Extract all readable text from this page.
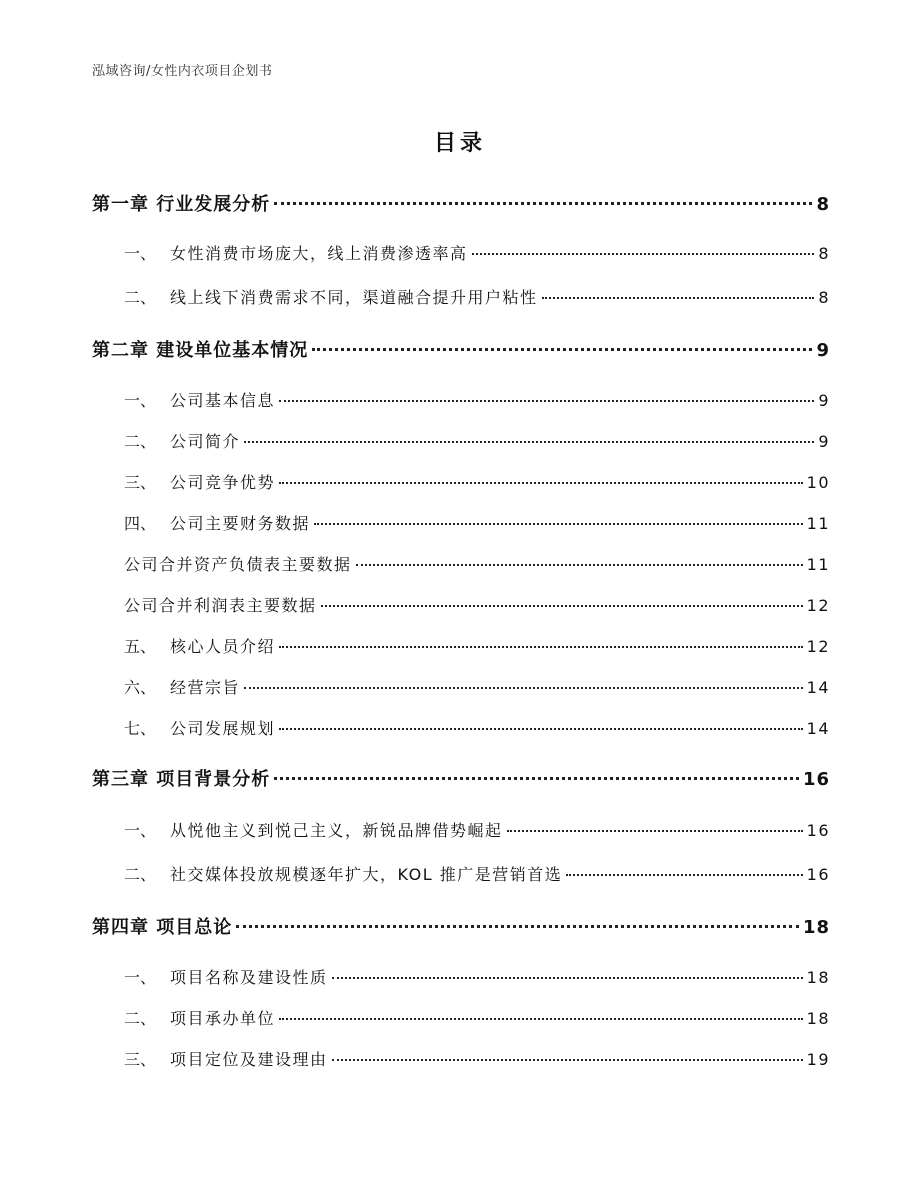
泓域咨询/女性内衣项目企划书
目录
第一章 行业发展分析	8
一、 女性消费市场庞大，线上消费渗透率高	8
二、 线上线下消费需求不同，渠道融合提升用户粘性	8
第二章 建设单位基本情况	9
一、 公司基本信息	9
二、 公司简介	9
三、 公司竞争优势	10
四、 公司主要财务数据	11
公司合并资产负债表主要数据	11
公司合并利润表主要数据	12
五、 核心人员介绍	12
六、 经营宗旨	14
七、 公司发展规划	14
第三章 项目背景分析	16
一、 从悦他主义到悦己主义，新锐品牌借势崛起	16
二、 社交媒体投放规模逐年扩大，KOL 推广是营销首选	16
第四章 项目总论	18
一、 项目名称及建设性质	18
二、 项目承办单位	18
三、 项目定位及建设理由	19
